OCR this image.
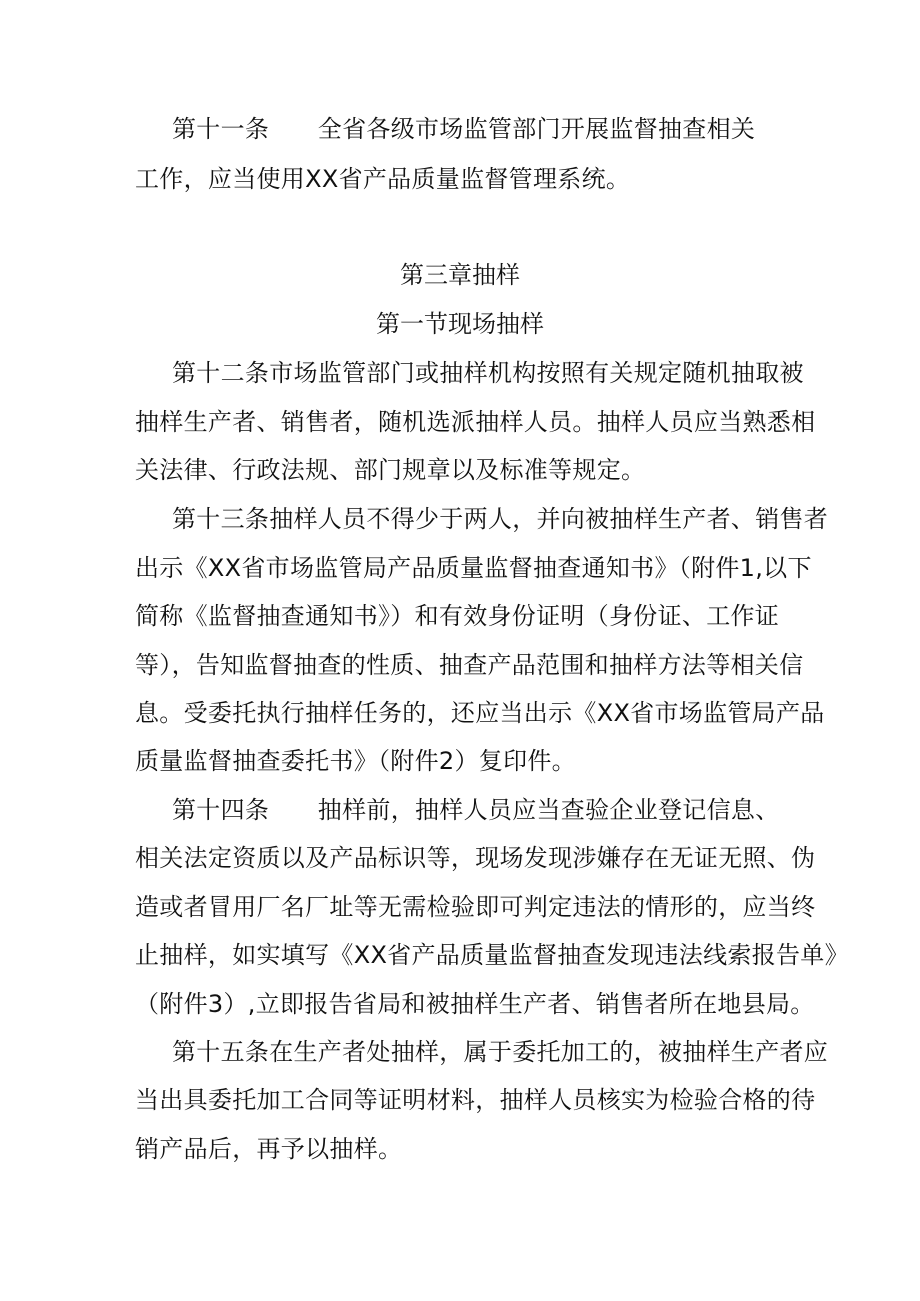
第十一条　　全省各级市场监管部门开展监督抽查相关
工作，应当使用XX省产品质量监督管理系统。
第三章抽样
第一节现场抽样
第十二条市场监管部门或抽样机构按照有关规定随机抽取被
抽样生产者、销售者，随机选派抽样人员。抽样人员应当熟悉相
关法律、行政法规、部门规章以及标准等规定。
第十三条抽样人员不得少于两人，并向被抽样生产者、销售者
出示《XX省市场监管局产品质量监督抽查通知书》（附件1,以下
简称《监督抽查通知书》）和有效身份证明（身份证、工作证
等），告知监督抽查的性质、抽查产品范围和抽样方法等相关信
息。受委托执行抽样任务的，还应当出示《XX省市场监管局产品
质量监督抽查委托书》（附件2）复印件。
第十四条　　抽样前，抽样人员应当查验企业登记信息、
相关法定资质以及产品标识等，现场发现涉嫌存在无证无照、伪
造或者冒用厂名厂址等无需检验即可判定违法的情形的，应当终
止抽样，如实填写《XX省产品质量监督抽查发现违法线索报告单》
（附件3）,立即报告省局和被抽样生产者、销售者所在地县局。
第十五条在生产者处抽样，属于委托加工的，被抽样生产者应
当出具委托加工合同等证明材料，抽样人员核实为检验合格的待
销产品后，再予以抽样。
